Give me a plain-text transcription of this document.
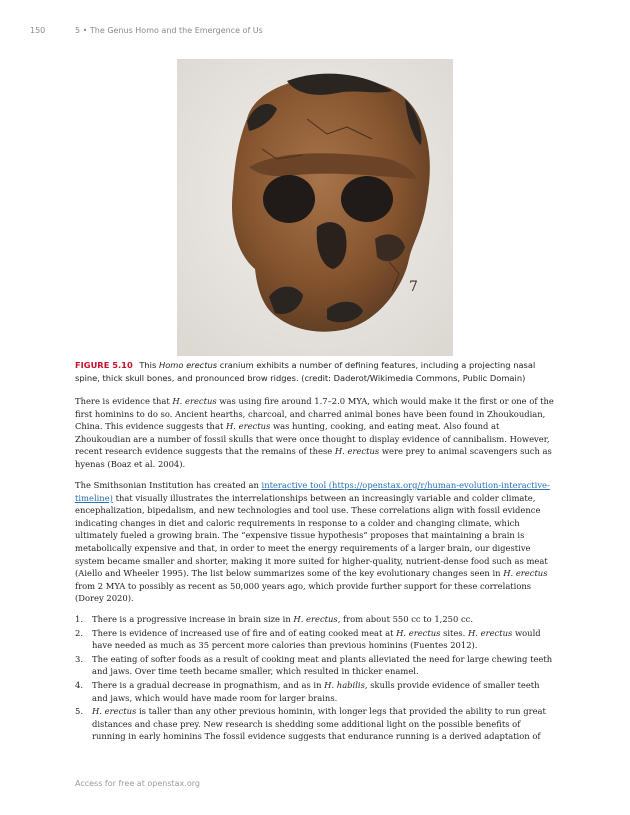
150	5 • The Genus Homo and the Emergence of Us
7
FIGURE 5.10 This Homo erectus cranium exhibits a number of defining features, including a projecting nasal spine, thick skull bones, and pronounced brow ridges. (credit: Daderot/Wikimedia Commons, Public Domain)
There is evidence that H. erectus was using fire around 1.7–2.0 MYA, which would make it the first or one of the first hominins to do so. Ancient hearths, charcoal, and charred animal bones have been found in Zhoukoudian, China. This evidence suggests that H. erectus was hunting, cooking, and eating meat. Also found at Zhoukoudian are a number of fossil skulls that were once thought to display evidence of cannibalism. However, recent research evidence suggests that the remains of these H. erectus were prey to animal scavengers such as hyenas (Boaz et al. 2004).
The Smithsonian Institution has created an interactive tool (https://openstax.org/r/human-evolution-interactive-timeline) that visually illustrates the interrelationships between an increasingly variable and colder climate, encephalization, bipedalism, and new technologies and tool use. These correlations align with fossil evidence indicating changes in diet and caloric requirements in response to a colder and changing climate, which ultimately fueled a growing brain. The “expensive tissue hypothesis” proposes that maintaining a brain is metabolically expensive and that, in order to meet the energy requirements of a larger brain, our digestive system became smaller and shorter, making it more suited for higher-quality, nutrient-dense food such as meat (Aiello and Wheeler 1995). The list below summarizes some of the key evolutionary changes seen in H. erectus from 2 MYA to possibly as recent as 50,000 years ago, which provide further support for these correlations (Dorey 2020).
1.	There is a progressive increase in brain size in H. erectus, from about 550 cc to 1,250 cc.
2.	There is evidence of increased use of fire and of eating cooked meat at H. erectus sites. H. erectus would have needed as much as 35 percent more calories than previous hominins (Fuentes 2012).
3.	The eating of softer foods as a result of cooking meat and plants alleviated the need for large chewing teeth and jaws. Over time teeth became smaller, which resulted in thicker enamel.
4.	There is a gradual decrease in prognathism, and as in H. habilis, skulls provide evidence of smaller teeth and jaws, which would have made room for larger brains.
5.	H. erectus is taller than any other previous hominin, with longer legs that provided the ability to run great distances and chase prey. New research is shedding some additional light on the possible benefits of running in early hominins The fossil evidence suggests that endurance running is a derived adaptation of
Access for free at openstax.org
